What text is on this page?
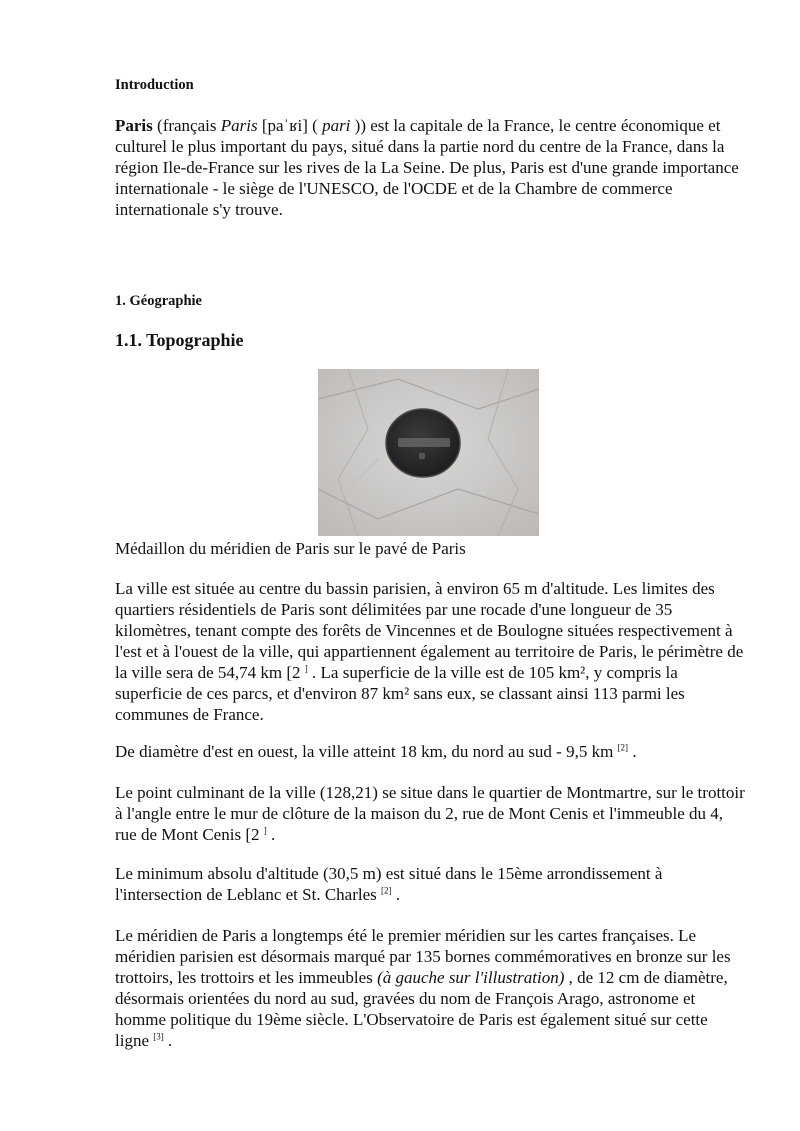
Introduction

Paris (français Paris [paˈʁi] ( pari )) est la capitale de la France, le centre économique et culturel le plus important du pays, situé dans la partie nord du centre de la France, dans la région Ile-de-France sur les rives de la La Seine. De plus, Paris est d'une grande importance internationale - le siège de l'UNESCO, de l'OCDE et de la Chambre de commerce internationale s'y trouve.

1. Géographie
1.1. Topographie

Médaillon du méridien de Paris sur le pavé de Paris

La ville est située au centre du bassin parisien, à environ 65 m d'altitude. Les limites des quartiers résidentiels de Paris sont délimitées par une rocade d'une longueur de 35 kilomètres, tenant compte des forêts de Vincennes et de Boulogne situées respectivement à l'est et à l'ouest de la ville, qui appartiennent également au territoire de Paris, le périmètre de la ville sera de 54,74 km [2 ] . La superficie de la ville est de 105 km², y compris la superficie de ces parcs, et d'environ 87 km² sans eux, se classant ainsi 113 parmi les communes de France.

De diamètre d'est en ouest, la ville atteint 18 km, du nord au sud - 9,5 km [2] .

Le point culminant de la ville (128,21) se situe dans le quartier de Montmartre, sur le trottoir à l'angle entre le mur de clôture de la maison du 2, rue de Mont Cenis et l'immeuble du 4, rue de Mont Cenis [2 ] .

Le minimum absolu d'altitude (30,5 m) est situé dans le 15ème arrondissement à l'intersection de Leblanc et St. Charles [2] .

Le méridien de Paris a longtemps été le premier méridien sur les cartes françaises. Le méridien parisien est désormais marqué par 135 bornes commémoratives en bronze sur les trottoirs, les trottoirs et les immeubles (à gauche sur l'illustration) , de 12 cm de diamètre, désormais orientées du nord au sud, gravées du nom de François Arago, astronome et homme politique du 19ème siècle. L'Observatoire de Paris est également situé sur cette ligne [3] .
